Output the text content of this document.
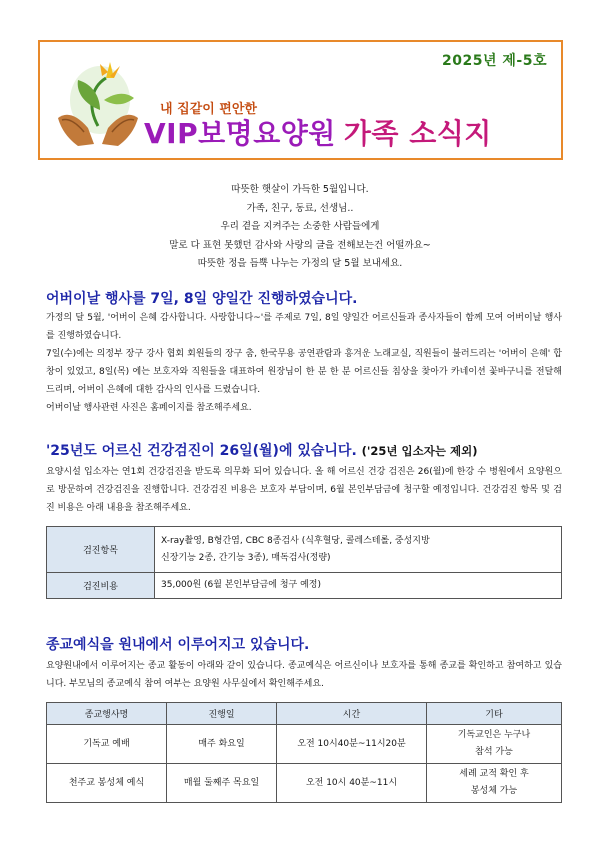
2025년 제-5호
내 집같이 편안한
VIP보명요양원 가족 소식지
따뜻한 햇살이 가득한 5월입니다.
가족, 친구, 동료, 선생님..
우리 곁을 지켜주는 소중한 사람들에게
말로 다 표현 못했던 감사와 사랑의 글을 전해보는건 어떨까요~
따뜻한 정을 듬뿍 나누는 가정의 달 5월 보내세요.
어버이날 행사를 7일, 8일 양일간 진행하였습니다.
가정의 달 5월, '어버이 은혜 감사합니다. 사랑합니다~'를 주제로 7일, 8일 양일간 어르신들과 종사자들이 함께 모여 어버이날 행사를 진행하였습니다.
7일(수)에는 의정부 장구 강사 협회 회원들의 장구 춤, 한국무용 공연관람과 흥겨운 노래교실, 직원들이 불러드리는 '어버이 은혜' 합창이 있었고, 8일(목) 에는 보호자와 직원들을 대표하여 원장님이 한 분 한 분 어르신들 침상을 찾아가 카네이션 꽃바구니를 전달해드리며, 어버이 은혜에 대한 감사의 인사를 드렸습니다.
어버이날 행사관련 사진은 홈페이지를 참조해주세요.
'25년도 어르신 건강검진이 26일(월)에 있습니다. ('25년 입소자는 제외)
요양시설 입소자는 연1회 건강검진을 받도록 의무화 되어 있습니다. 올 해 어르신 건강 검진은 26(월)에 한강 수 병원에서 요양원으로 방문하여 건강검진을 진행합니다. 건강검진 비용은 보호자 부담이며, 6월 본인부담금에 청구할 예정입니다. 건강검진 항목 및 검진 비용은 아래 내용을 참조해주세요.
검진항목	X-ray촬영, B형간염, CBC 8종검사 (식후혈당, 콜레스테롤, 중성지방
신장기능 2종, 간기능 3종), 매독검사(정량)

검진비용	35,000원 (6월 본인부담금에 청구 예정)
종교예식을 원내에서 이루어지고 있습니다.
요양원내에서 이루어지는 종교 활동이 아래와 같이 있습니다. 종교예식은 어르신이나 보호자를 통해 종교를 확인하고 참여하고 있습니다. 부모님의 종교예식 참여 여부는 요양원 사무실에서 확인해주세요.
종교행사명	진행일	시간	기타
기독교 예배	매주 화요일	오전 10시40분~11시20분	기독교인은 누구나
참석 가능

천주교 봉성체 예식	매월 둘째주 목요일	오전 10시 40분~11시	세례 교적 확인 후
봉성체 가능
